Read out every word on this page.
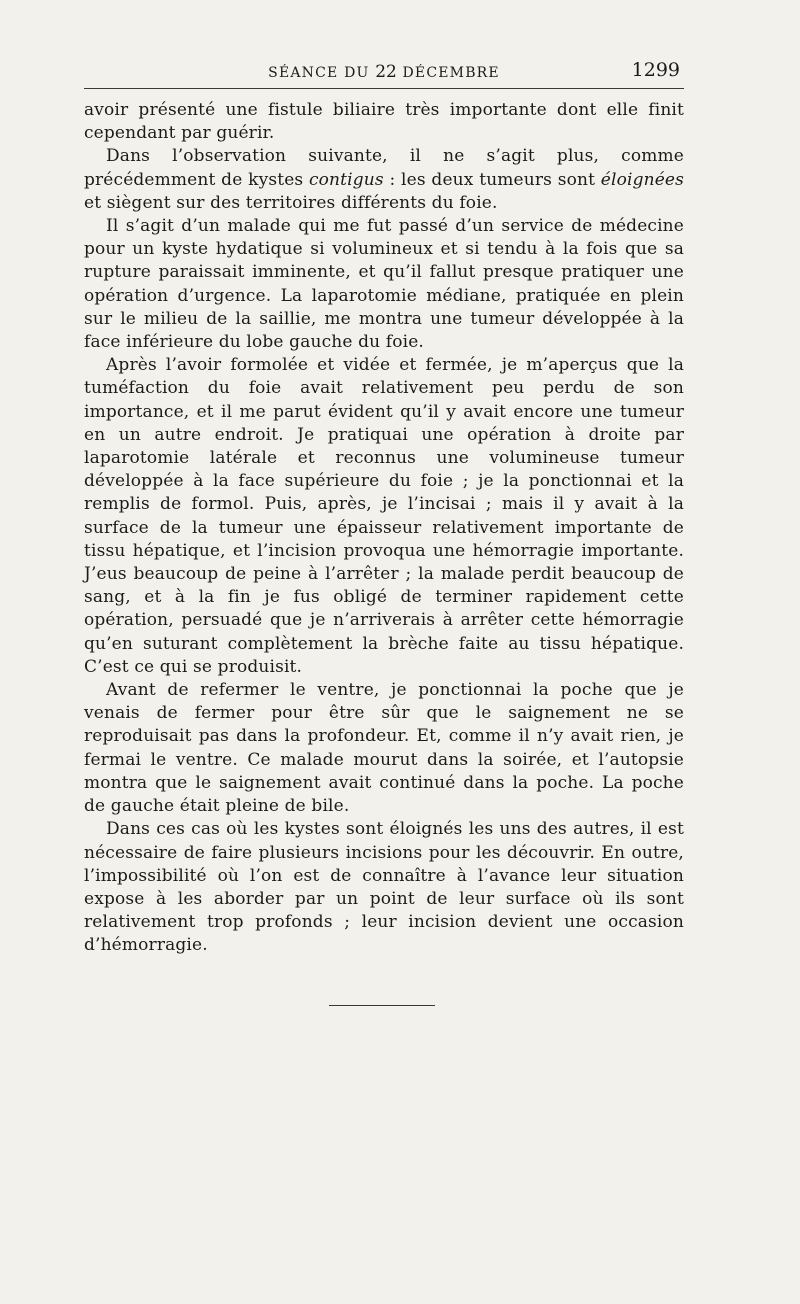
SÉANCE DU 22 DÉCEMBRE	1299

avoir présenté une fistule biliaire très importante dont elle finit cependant par guérir.

Dans l’observation suivante, il ne s’agit plus, comme précédemment de kystes contigus : les deux tumeurs sont éloignées et siègent sur des territoires différents du foie.

Il s’agit d’un malade qui me fut passé d’un service de médecine pour un kyste hydatique si volumineux et si tendu à la fois que sa rupture paraissait imminente, et qu’il fallut presque pratiquer une opération d’urgence. La laparotomie médiane, pratiquée en plein sur le milieu de la saillie, me montra une tumeur développée à la face inférieure du lobe gauche du foie.

Après l’avoir formolée et vidée et fermée, je m’aperçus que la tuméfaction du foie avait relativement peu perdu de son importance, et il me parut évident qu’il y avait encore une tumeur en un autre endroit. Je pratiquai une opération à droite par laparotomie latérale et reconnus une volumineuse tumeur développée à la face supérieure du foie ; je la ponctionnai et la remplis de formol. Puis, après, je l’incisai ; mais il y avait à la surface de la tumeur une épaisseur relativement importante de tissu hépatique, et l’incision provoqua une hémorragie importante. J’eus beaucoup de peine à l’arrêter ; la malade perdit beaucoup de sang, et à la fin je fus obligé de terminer rapidement cette opération, persuadé que je n’arriverais à arrêter cette hémorragie qu’en suturant complètement la brèche faite au tissu hépatique. C’est ce qui se produisit.

Avant de refermer le ventre, je ponctionnai la poche que je venais de fermer pour être sûr que le saignement ne se reproduisait pas dans la profondeur. Et, comme il n’y avait rien, je fermai le ventre. Ce malade mourut dans la soirée, et l’autopsie montra que le saignement avait continué dans la poche. La poche de gauche était pleine de bile.

Dans ces cas où les kystes sont éloignés les uns des autres, il est nécessaire de faire plusieurs incisions pour les découvrir. En outre, l’impossibilité où l’on est de connaître à l’avance leur situation expose à les aborder par un point de leur surface où ils sont relativement trop profonds ; leur incision devient une occasion d’hémorragie.
